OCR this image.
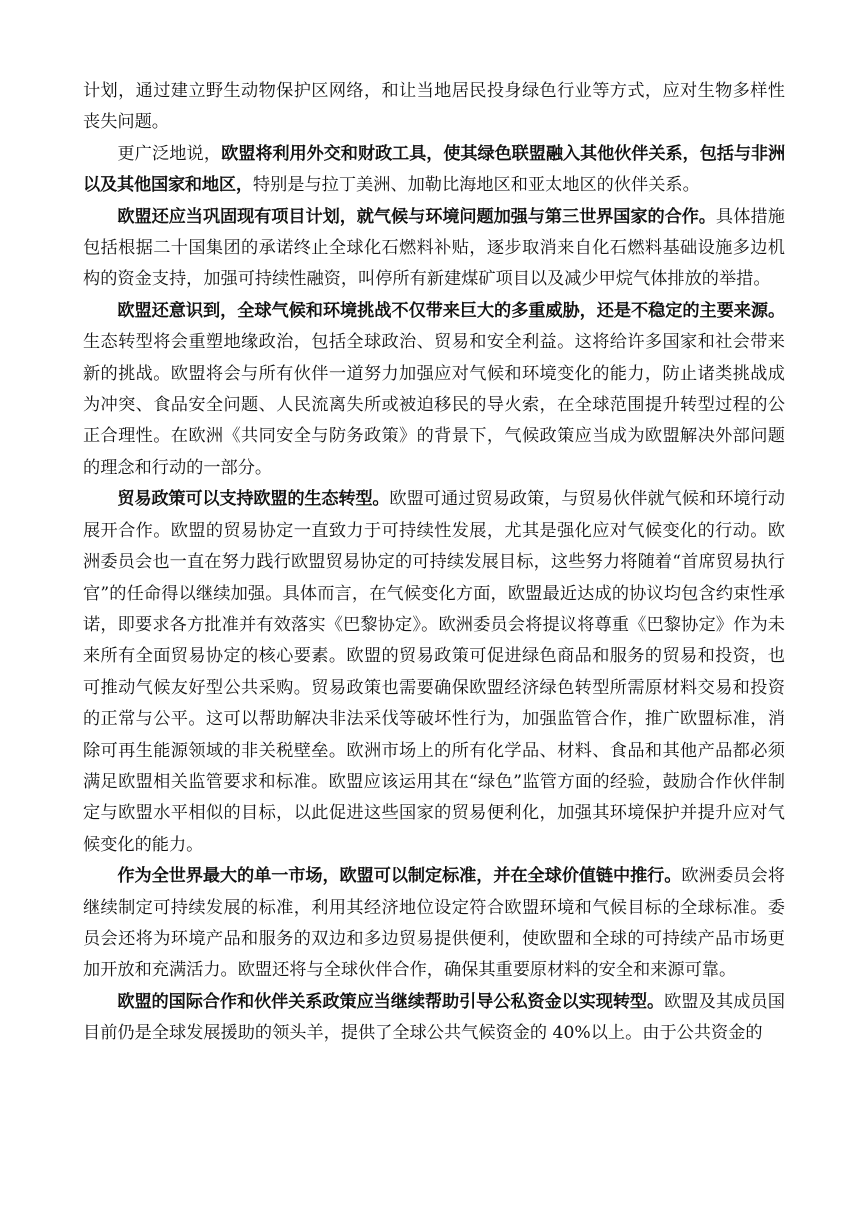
计划，通过建立野生动物保护区网络，和让当地居民投身绿色行业等方式，应对生物多样性丧失问题。

更广泛地说，欧盟将利用外交和财政工具，使其绿色联盟融入其他伙伴关系，包括与非洲以及其他国家和地区，特别是与拉丁美洲、加勒比海地区和亚太地区的伙伴关系。

欧盟还应当巩固现有项目计划，就气候与环境问题加强与第三世界国家的合作。具体措施包括根据二十国集团的承诺终止全球化石燃料补贴，逐步取消来自化石燃料基础设施多边机构的资金支持，加强可持续性融资，叫停所有新建煤矿项目以及减少甲烷气体排放的举措。

欧盟还意识到，全球气候和环境挑战不仅带来巨大的多重威胁，还是不稳定的主要来源。生态转型将会重塑地缘政治，包括全球政治、贸易和安全利益。这将给许多国家和社会带来新的挑战。欧盟将会与所有伙伴一道努力加强应对气候和环境变化的能力，防止诸类挑战成为冲突、食品安全问题、人民流离失所或被迫移民的导火索，在全球范围提升转型过程的公正合理性。在欧洲《共同安全与防务政策》的背景下，气候政策应当成为欧盟解决外部问题的理念和行动的一部分。

贸易政策可以支持欧盟的生态转型。欧盟可通过贸易政策，与贸易伙伴就气候和环境行动展开合作。欧盟的贸易协定一直致力于可持续性发展，尤其是强化应对气候变化的行动。欧洲委员会也一直在努力践行欧盟贸易协定的可持续发展目标，这些努力将随着“首席贸易执行官”的任命得以继续加强。具体而言，在气候变化方面，欧盟最近达成的协议均包含约束性承诺，即要求各方批准并有效落实《巴黎协定》。欧洲委员会将提议将尊重《巴黎协定》作为未来所有全面贸易协定的核心要素。欧盟的贸易政策可促进绿色商品和服务的贸易和投资，也可推动气候友好型公共采购。贸易政策也需要确保欧盟经济绿色转型所需原材料交易和投资的正常与公平。这可以帮助解决非法采伐等破坏性行为，加强监管合作，推广欧盟标准，消除可再生能源领域的非关税壁垒。欧洲市场上的所有化学品、材料、食品和其他产品都必须满足欧盟相关监管要求和标准。欧盟应该运用其在“绿色”监管方面的经验，鼓励合作伙伴制定与欧盟水平相似的目标，以此促进这些国家的贸易便利化，加强其环境保护并提升应对气候变化的能力。

作为全世界最大的单一市场，欧盟可以制定标准，并在全球价值链中推行。欧洲委员会将继续制定可持续发展的标准，利用其经济地位设定符合欧盟环境和气候目标的全球标准。委员会还将为环境产品和服务的双边和多边贸易提供便利，使欧盟和全球的可持续产品市场更加开放和充满活力。欧盟还将与全球伙伴合作，确保其重要原材料的安全和来源可靠。

欧盟的国际合作和伙伴关系政策应当继续帮助引导公私资金以实现转型。欧盟及其成员国目前仍是全球发展援助的领头羊，提供了全球公共气候资金的 40%以上。由于公共资金的
